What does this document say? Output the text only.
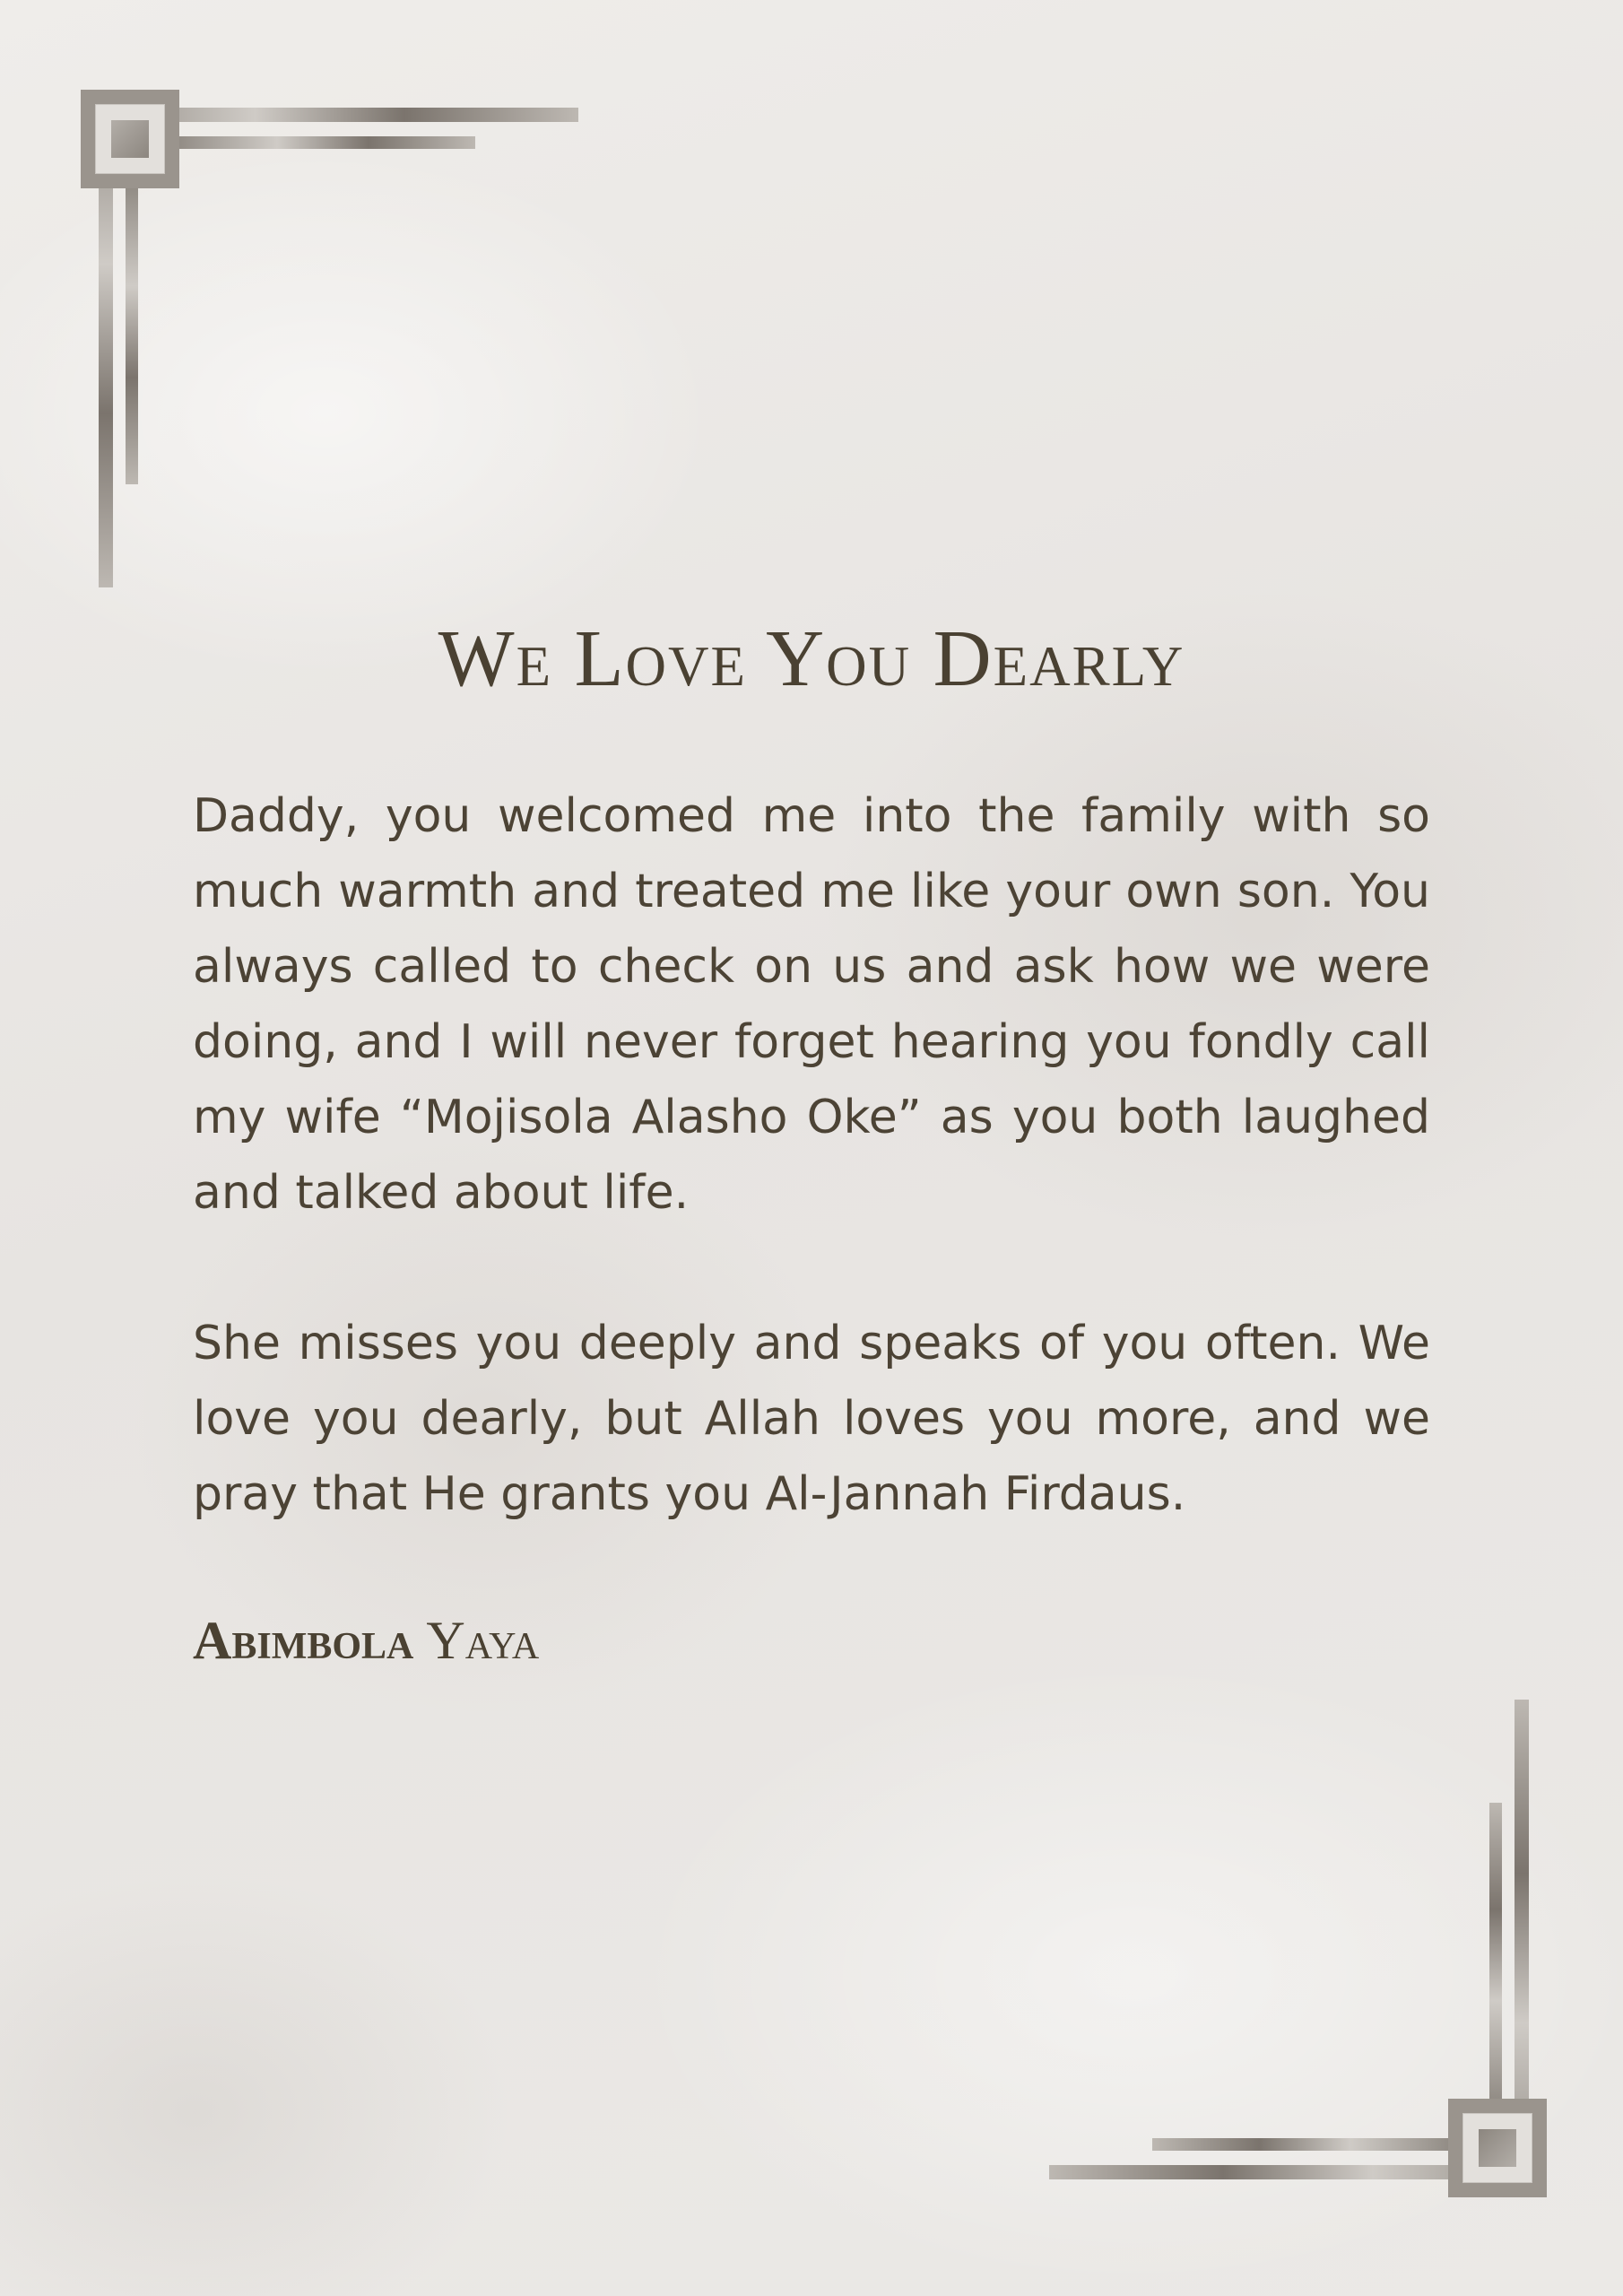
We Love You Dearly

Daddy, you welcomed me into the family with so much warmth and treated me like your own son. You always called to check on us and ask how we were doing, and I will never forget hearing you fondly call my wife “Mojisola Alasho Oke” as you both laughed and talked about life.

She misses you deeply and speaks of you often. We love you dearly, but Allah loves you more, and we pray that He grants you Al-Jannah Firdaus.

Abimbola Yaya
